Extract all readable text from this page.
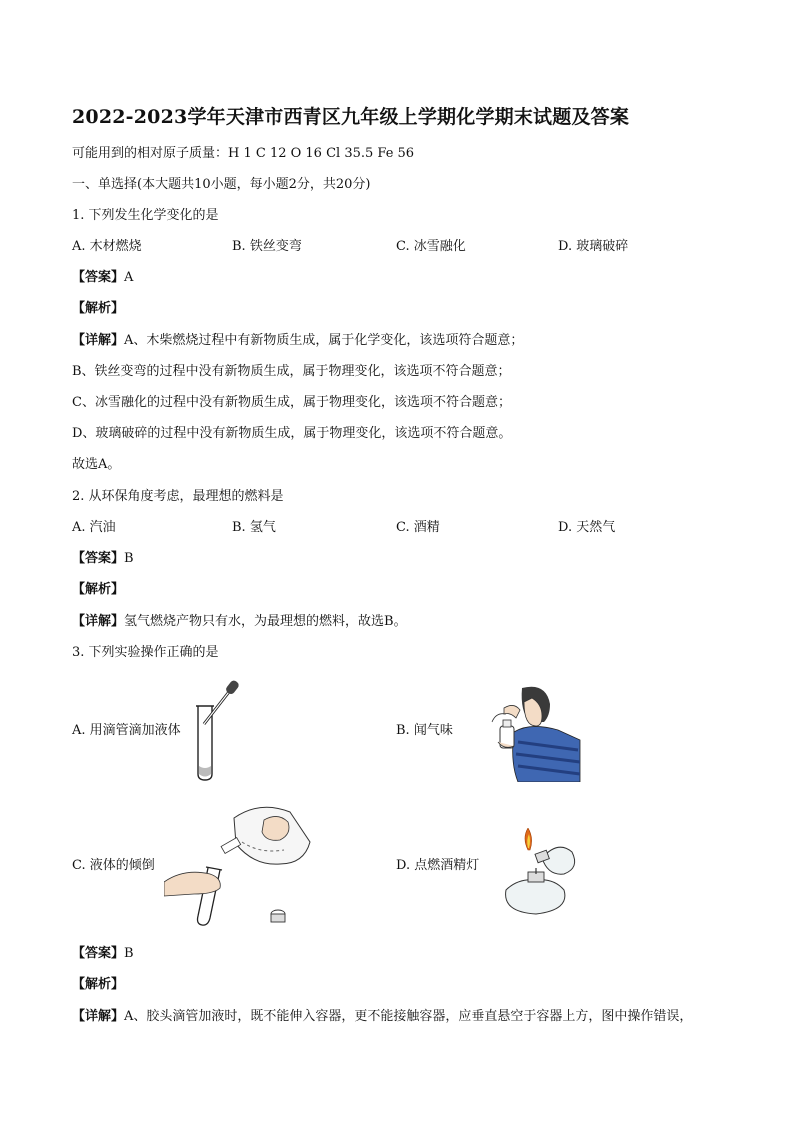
2022-2023学年天津市西青区九年级上学期化学期末试题及答案
可能用到的相对原子质量：H 1 C 12 O 16 Cl 35.5 Fe 56
一、单选择(本大题共10小题，每小题2分，共20分)
1. 下列发生化学变化的是
A. 木材燃烧	B. 铁丝变弯	C. 冰雪融化	D. 玻璃破碎
【答案】A
【解析】
【详解】A、木柴燃烧过程中有新物质生成，属于化学变化，该选项符合题意；
B、铁丝变弯的过程中没有新物质生成，属于物理变化，该选项不符合题意；
C、冰雪融化的过程中没有新物质生成，属于物理变化，该选项不符合题意；
D、玻璃破碎的过程中没有新物质生成，属于物理变化，该选项不符合题意。
故选A。
2. 从环保角度考虑，最理想的燃料是
A. 汽油	B. 氢气	C. 酒精	D. 天然气
【答案】B
【解析】
【详解】氢气燃烧产物只有水，为最理想的燃料，故选B。
3. 下列实验操作正确的是
A. 用滴管滴加液体	B. 闻气味
C. 液体的倾倒	D. 点燃酒精灯
【答案】B
【解析】
【详解】A、胶头滴管加液时，既不能伸入容器，更不能接触容器，应垂直悬空于容器上方，图中操作错误，
